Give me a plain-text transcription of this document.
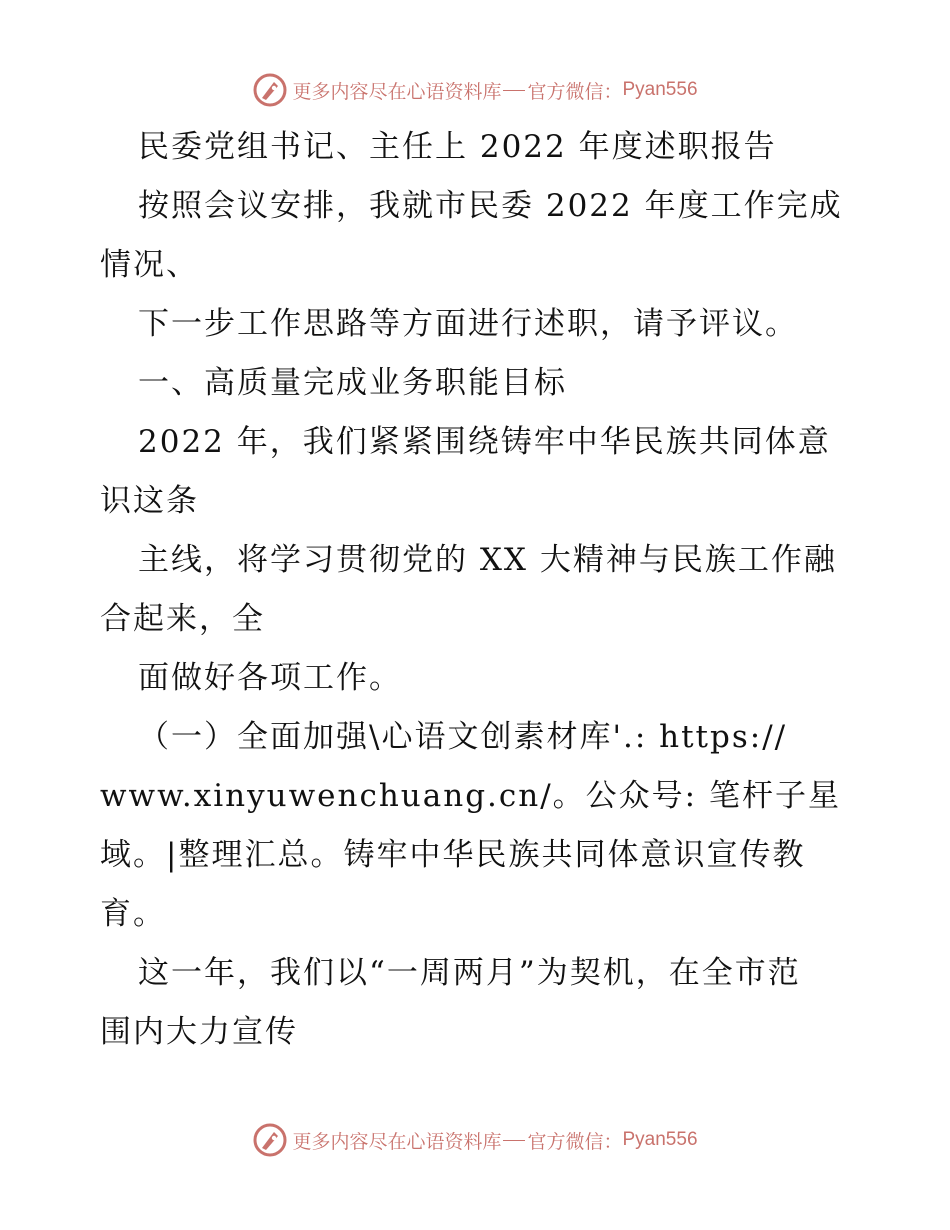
更多内容尽在心语资料库 官方微信： Pyan556
民委党组书记、主任上 2022 年度述职报告
按照会议安排，我就市民委 2022 年度工作完成
情况、
下一步工作思路等方面进行述职，请予评议。
一、高质量完成业务职能目标
2022 年，我们紧紧围绕铸牢中华民族共同体意
识这条
主线，将学习贯彻党的 XX 大精神与民族工作融
合起来，全
面做好各项工作。
（一）全面加强\心语文创素材库'.: https://
www.xinyuwenchuang.cn/。公众号: 笔杆子星
域。|整理汇总。铸牢中华民族共同体意识宣传教
育。
这一年，我们以“一周两月”为契机，在全市范
围内大力宣传
更多内容尽在心语资料库 官方微信： Pyan556
